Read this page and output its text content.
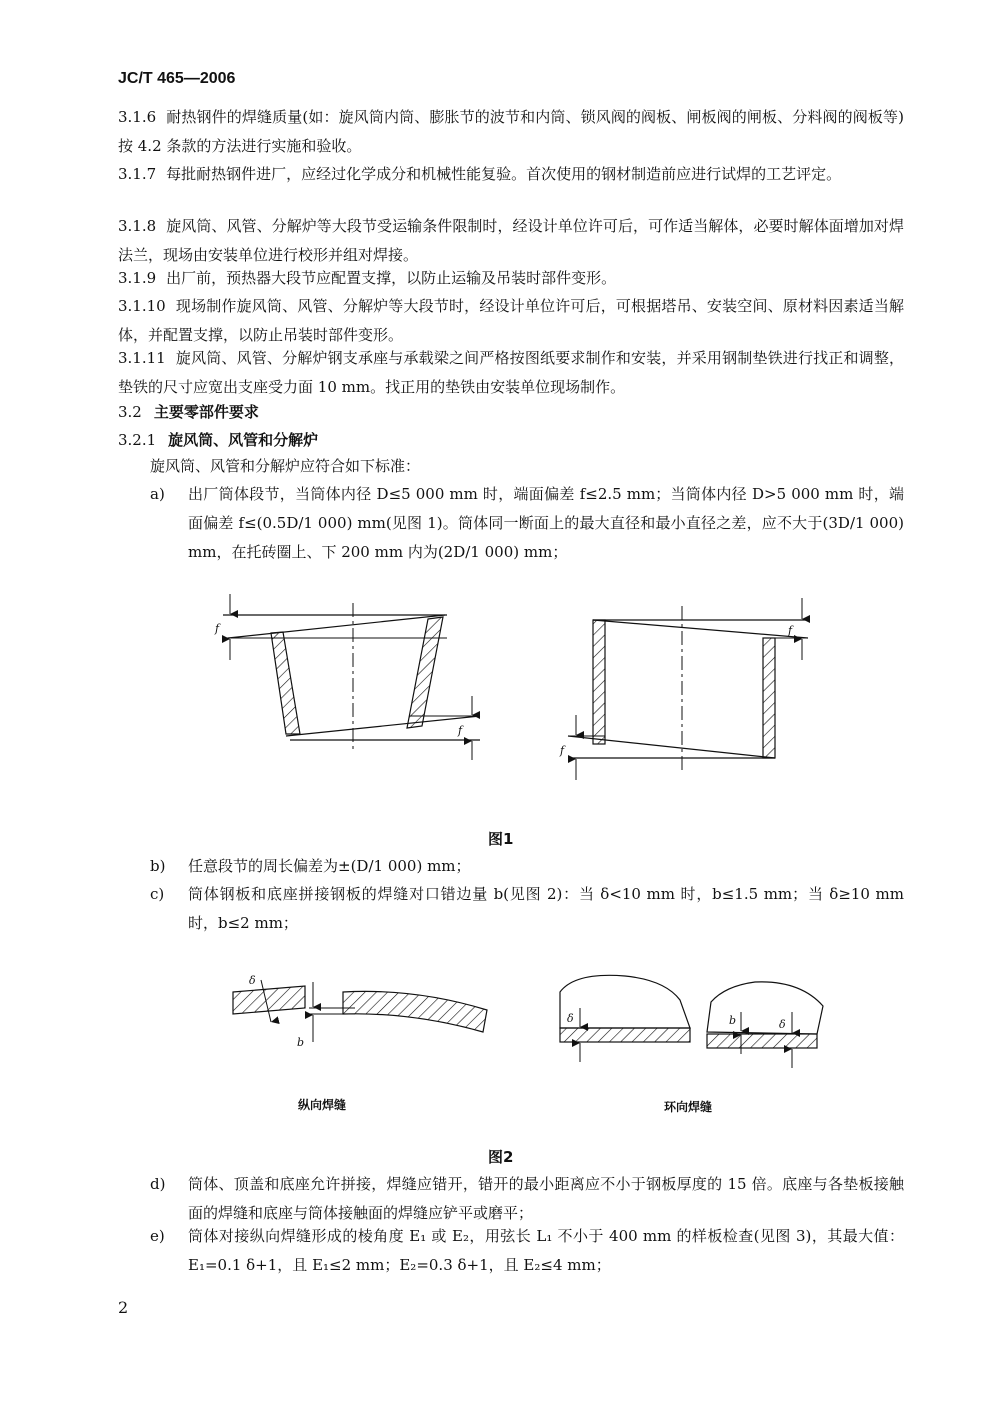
JC/T 465—2006

3.1.6 耐热钢件的焊缝质量(如：旋风筒内筒、膨胀节的波节和内筒、锁风阀的阀板、闸板阀的闸板、分料阀的阀板等)按 4.2 条款的方法进行实施和验收。

3.1.7 每批耐热钢件进厂，应经过化学成分和机械性能复验。首次使用的钢材制造前应进行试焊的工艺评定。

3.1.8 旋风筒、风管、分解炉等大段节受运输条件限制时，经设计单位许可后，可作适当解体，必要时解体面增加对焊法兰，现场由安装单位进行校形并组对焊接。

3.1.9 出厂前，预热器大段节应配置支撑，以防止运输及吊装时部件变形。

3.1.10 现场制作旋风筒、风管、分解炉等大段节时，经设计单位许可后，可根据塔吊、安装空间、原材料因素适当解体，并配置支撑，以防止吊装时部件变形。

3.1.11 旋风筒、风管、分解炉钢支承座与承载梁之间严格按图纸要求制作和安装，并采用钢制垫铁进行找正和调整，垫铁的尺寸应宽出支座受力面 10 mm。找正用的垫铁由安装单位现场制作。

3.2 主要零部件要求
3.2.1 旋风筒、风管和分解炉

旋风筒、风管和分解炉应符合如下标准：

a) 出厂筒体段节，当筒体内径 D≤5 000 mm 时，端面偏差 f≤2.5 mm；当筒体内径 D>5 000 mm 时，端面偏差 f≤(0.5D/1 000) mm(见图 1)。筒体同一断面上的最大直径和最小直径之差，应不大于(3D/1 000) mm，在托砖圈上、下 200 mm 内为(2D/1 000) mm；
f
f
f
f
图1
b) 任意段节的周长偏差为±(D/1 000) mm；
c) 筒体钢板和底座拼接钢板的焊缝对口错边量 b(见图 2)：当 δ<10 mm 时，b≤1.5 mm；当 δ≥10 mm 时，b≤2 mm；
δ
b
δ	b	δ
纵向焊缝	环向焊缝
图2
d) 筒体、顶盖和底座允许拼接，焊缝应错开，错开的最小距离应不小于钢板厚度的 15 倍。底座与各垫板接触面的焊缝和底座与筒体接触面的焊缝应铲平或磨平；
e) 筒体对接纵向焊缝形成的棱角度 E₁ 或 E₂，用弦长 L₁ 不小于 400 mm 的样板检查(见图 3)，其最大值：E₁=0.1 δ+1，且 E₁≤2 mm；E₂=0.3 δ+1，且 E₂≤4 mm；
2
